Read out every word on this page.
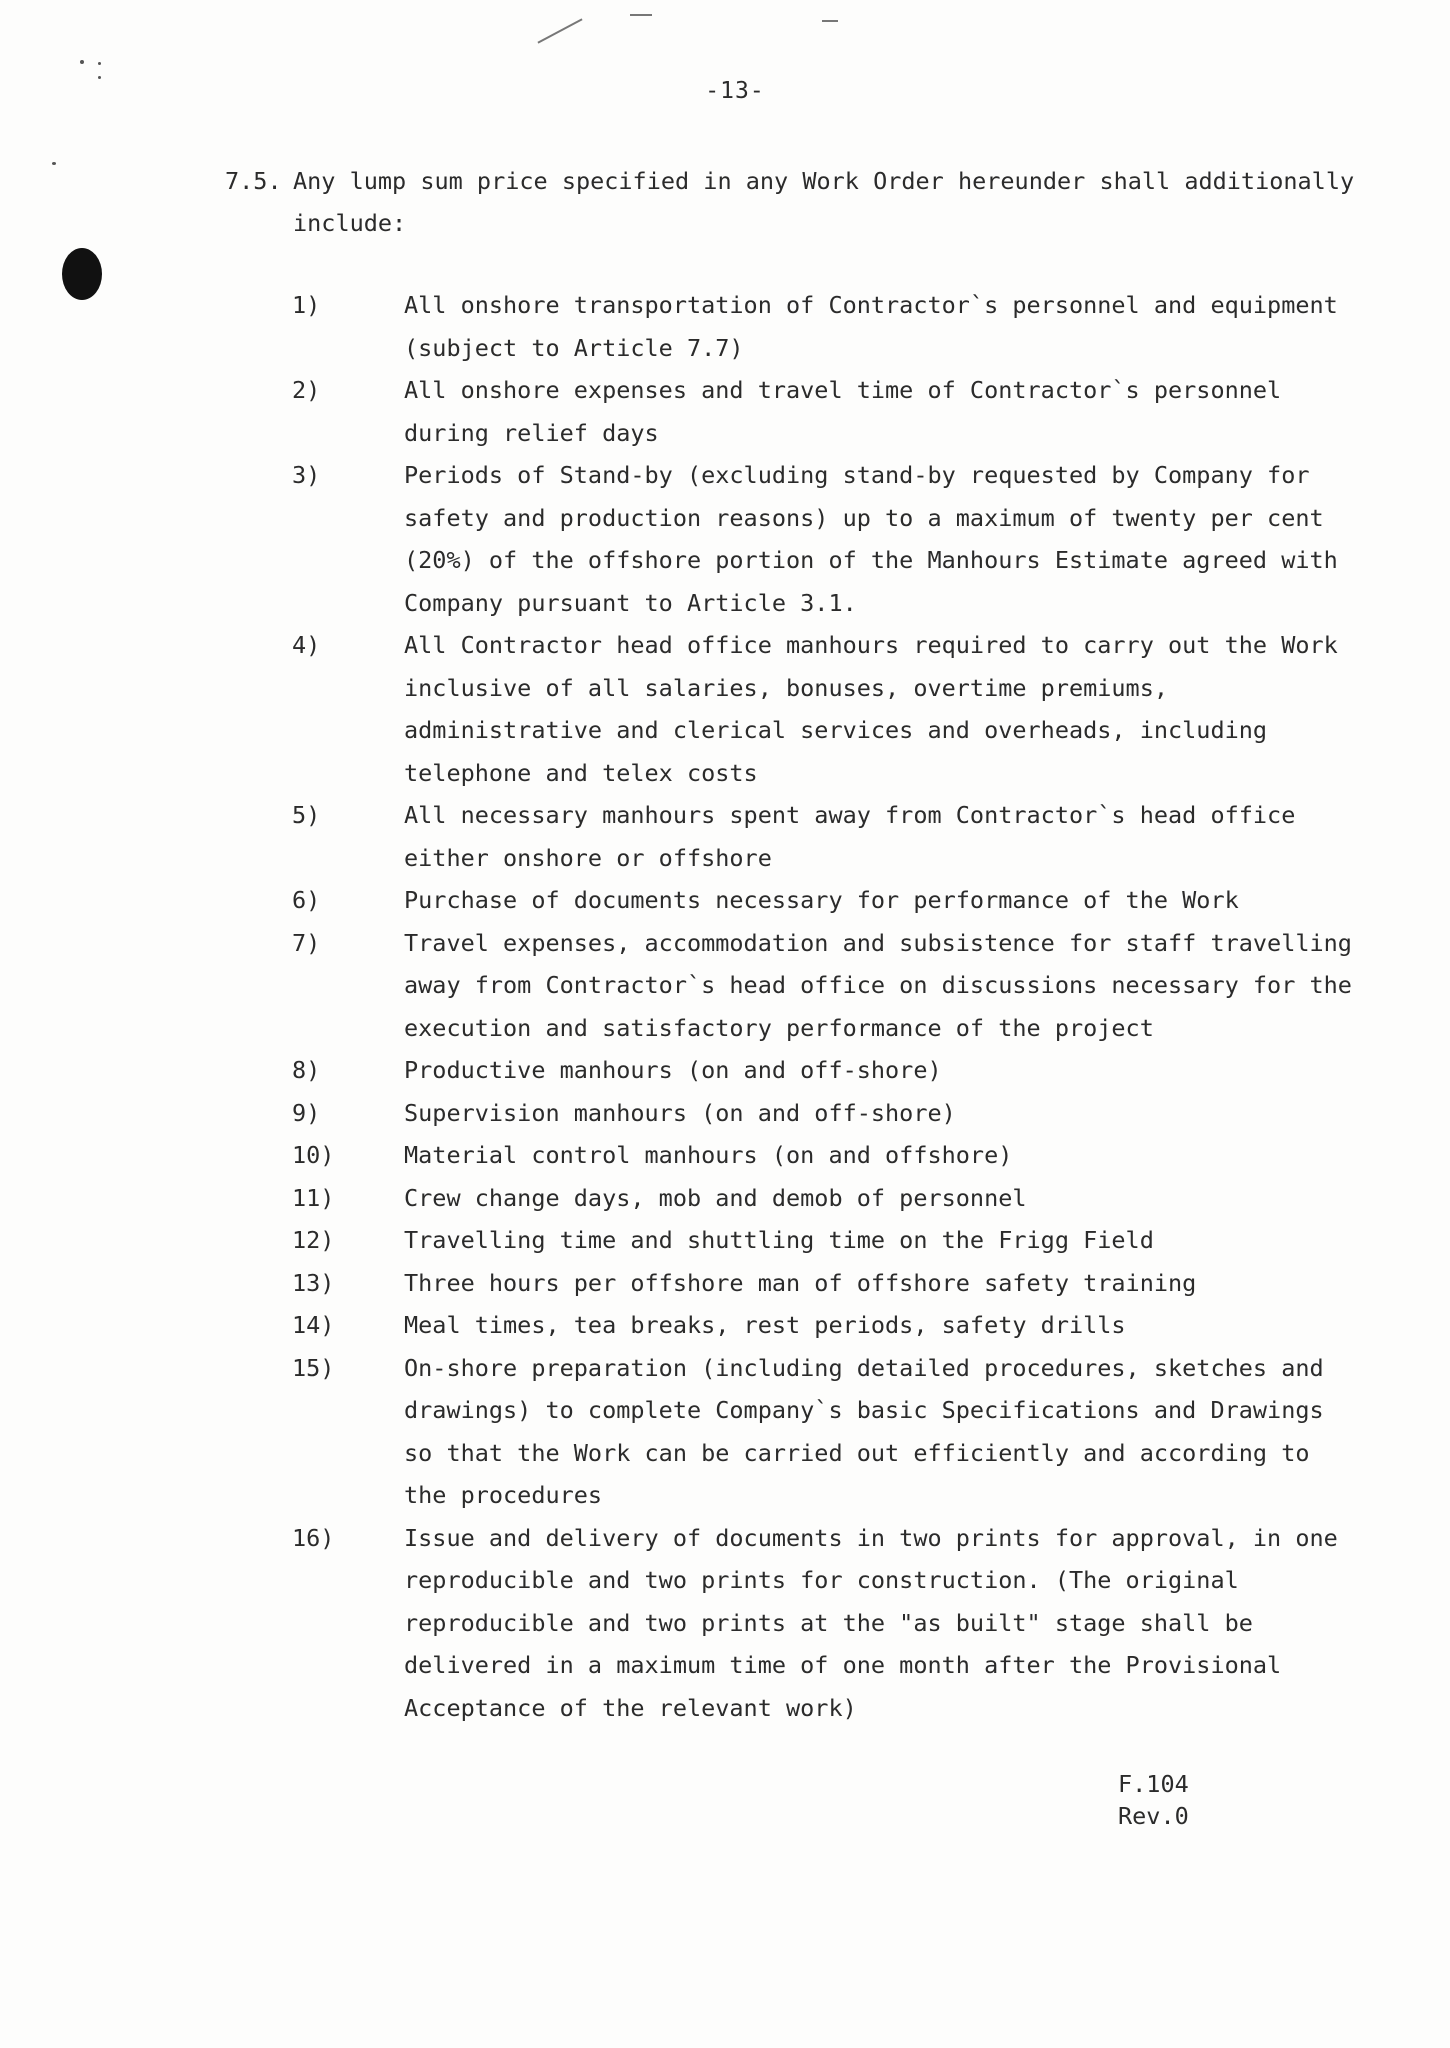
-13-
7.5. Any lump sum price specified in any Work Order hereunder shall additionally include:
1)	All onshore transportation of Contractor`s personnel and equipment (subject to Article 7.7)
2)	All onshore expenses and travel time of Contractor`s personnel during relief days
3)	Periods of Stand-by (excluding stand-by requested by Company for safety and production reasons) up to a maximum of twenty per cent (20%) of the offshore portion of the Manhours Estimate agreed with Company pursuant to Article 3.1.
4)	All Contractor head office manhours required to carry out the Work inclusive of all salaries, bonuses, overtime premiums, administrative and clerical services and overheads, including telephone and telex costs
5)	All necessary manhours spent away from Contractor`s head office either onshore or offshore
6)	Purchase of documents necessary for performance of the Work
7)	Travel expenses, accommodation and subsistence for staff travelling away from Contractor`s head office on discussions necessary for the execution and satisfactory performance of the project
8)	Productive manhours (on and off-shore)
9)	Supervision manhours (on and off-shore)
10)	Material control manhours (on and offshore)
11)	Crew change days, mob and demob of personnel
12)	Travelling time and shuttling time on the Frigg Field
13)	Three hours per offshore man of offshore safety training
14)	Meal times, tea breaks, rest periods, safety drills
15)	On-shore preparation (including detailed procedures, sketches and drawings) to complete Company`s basic Specifications and Drawings so that the Work can be carried out efficiently and according to the procedures
16)	Issue and delivery of documents in two prints for approval, in one reproducible and two prints for construction. (The original reproducible and two prints at the "as built" stage shall be delivered in a maximum time of one month after the Provisional Acceptance of the relevant work)
F.104
Rev.0
